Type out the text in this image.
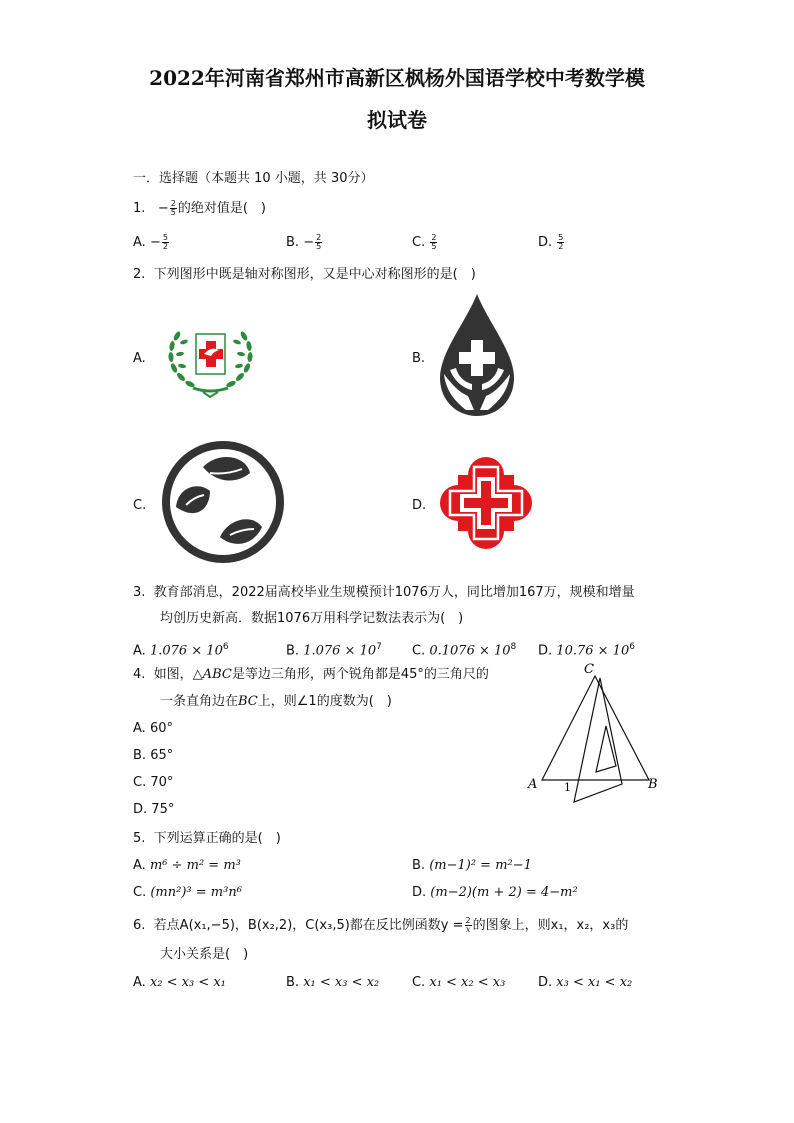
2022年河南省郑州市高新区枫杨外国语学校中考数学模
拟试卷
一．选择题（本题共 10 小题，共 30分）
1. − $\frac{2}{5}$ 的绝对值是(　)
A. − $\frac{5}{2}$	B. − $\frac{2}{5}$	C. $\frac{2}{5}$	D. $\frac{5}{2}$
2. 下列图形中既是轴对称图形，又是中心对称图形的是(　)
A.	B.
C.	D.
3. 教育部消息，2022届高校毕业生规模预计1076万人，同比增加167万，规模和增量
均创历史新高．数据1076万用科学记数法表示为(　)
A. $1.076 \times 10^6$	B. $1.076 \times 10^7$ C. $0.1076 \times 10^8$ D. $10.76 \times 10^6$
4. 如图，△ABC是等边三角形，两个锐角都是45°的三角尺的
一条直角边在BC上，则∠1的度数为(　)
A. 60°
B. 65°
C. 70°
D. 75°
C
A	B
1
5. 下列运算正确的是(　)
A. m⁶ ÷ m² = m³	B. (m−1)² = m²−1
C. (mn²)³ = m³n⁶	D. (m−2)(m + 2) = 4−m²
6. 若点A(x₁,−5)，B(x₂,2)，C(x₃,5)都在反比例函数$y = \frac{2}{x}$ 的图象上，则x₁，x₂，x₃的
大小关系是(　)
A. x₂ < x₃ < x₁	B. x₁ < x₃ < x₂	C. x₁ < x₂ < x₃	D. x₃ < x₁ < x₂
